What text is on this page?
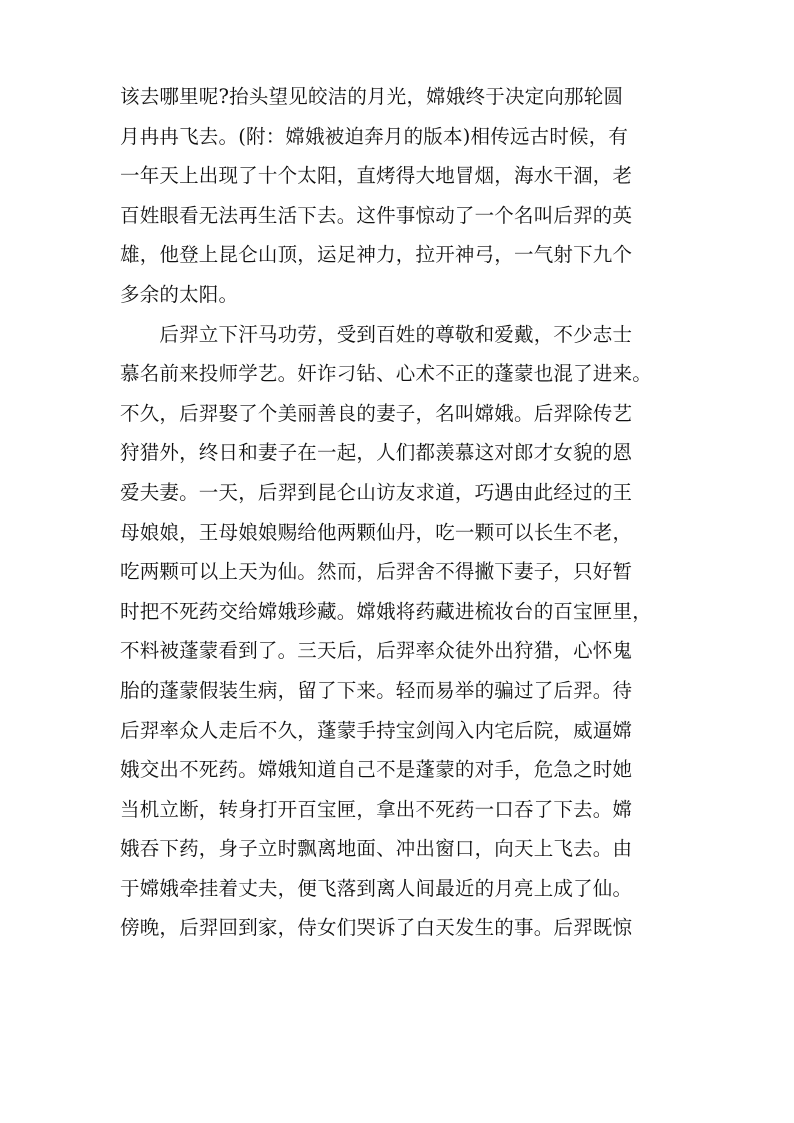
该去哪里呢?抬头望见皎洁的月光，嫦娥终于决定向那轮圆
月冉冉飞去。(附：嫦娥被迫奔月的版本)相传远古时候，有
一年天上出现了十个太阳，直烤得大地冒烟，海水干涸，老
百姓眼看无法再生活下去。这件事惊动了一个名叫后羿的英
雄，他登上昆仑山顶，运足神力，拉开神弓，一气射下九个
多余的太阳。
　　后羿立下汗马功劳，受到百姓的尊敬和爱戴，不少志士
慕名前来投师学艺。奸诈刁钻、心术不正的蓬蒙也混了进来。
不久，后羿娶了个美丽善良的妻子，名叫嫦娥。后羿除传艺
狩猎外，终日和妻子在一起，人们都羡慕这对郎才女貌的恩
爱夫妻。一天，后羿到昆仑山访友求道，巧遇由此经过的王
母娘娘，王母娘娘赐给他两颗仙丹，吃一颗可以长生不老，
吃两颗可以上天为仙。然而，后羿舍不得撇下妻子，只好暂
时把不死药交给嫦娥珍藏。嫦娥将药藏进梳妆台的百宝匣里，
不料被蓬蒙看到了。三天后，后羿率众徒外出狩猎，心怀鬼
胎的蓬蒙假装生病，留了下来。轻而易举的骗过了后羿。待
后羿率众人走后不久，蓬蒙手持宝剑闯入内宅后院，威逼嫦
娥交出不死药。嫦娥知道自己不是蓬蒙的对手，危急之时她
当机立断，转身打开百宝匣，拿出不死药一口吞了下去。嫦
娥吞下药，身子立时飘离地面、冲出窗口，向天上飞去。由
于嫦娥牵挂着丈夫，便飞落到离人间最近的月亮上成了仙。
傍晚，后羿回到家，侍女们哭诉了白天发生的事。后羿既惊
